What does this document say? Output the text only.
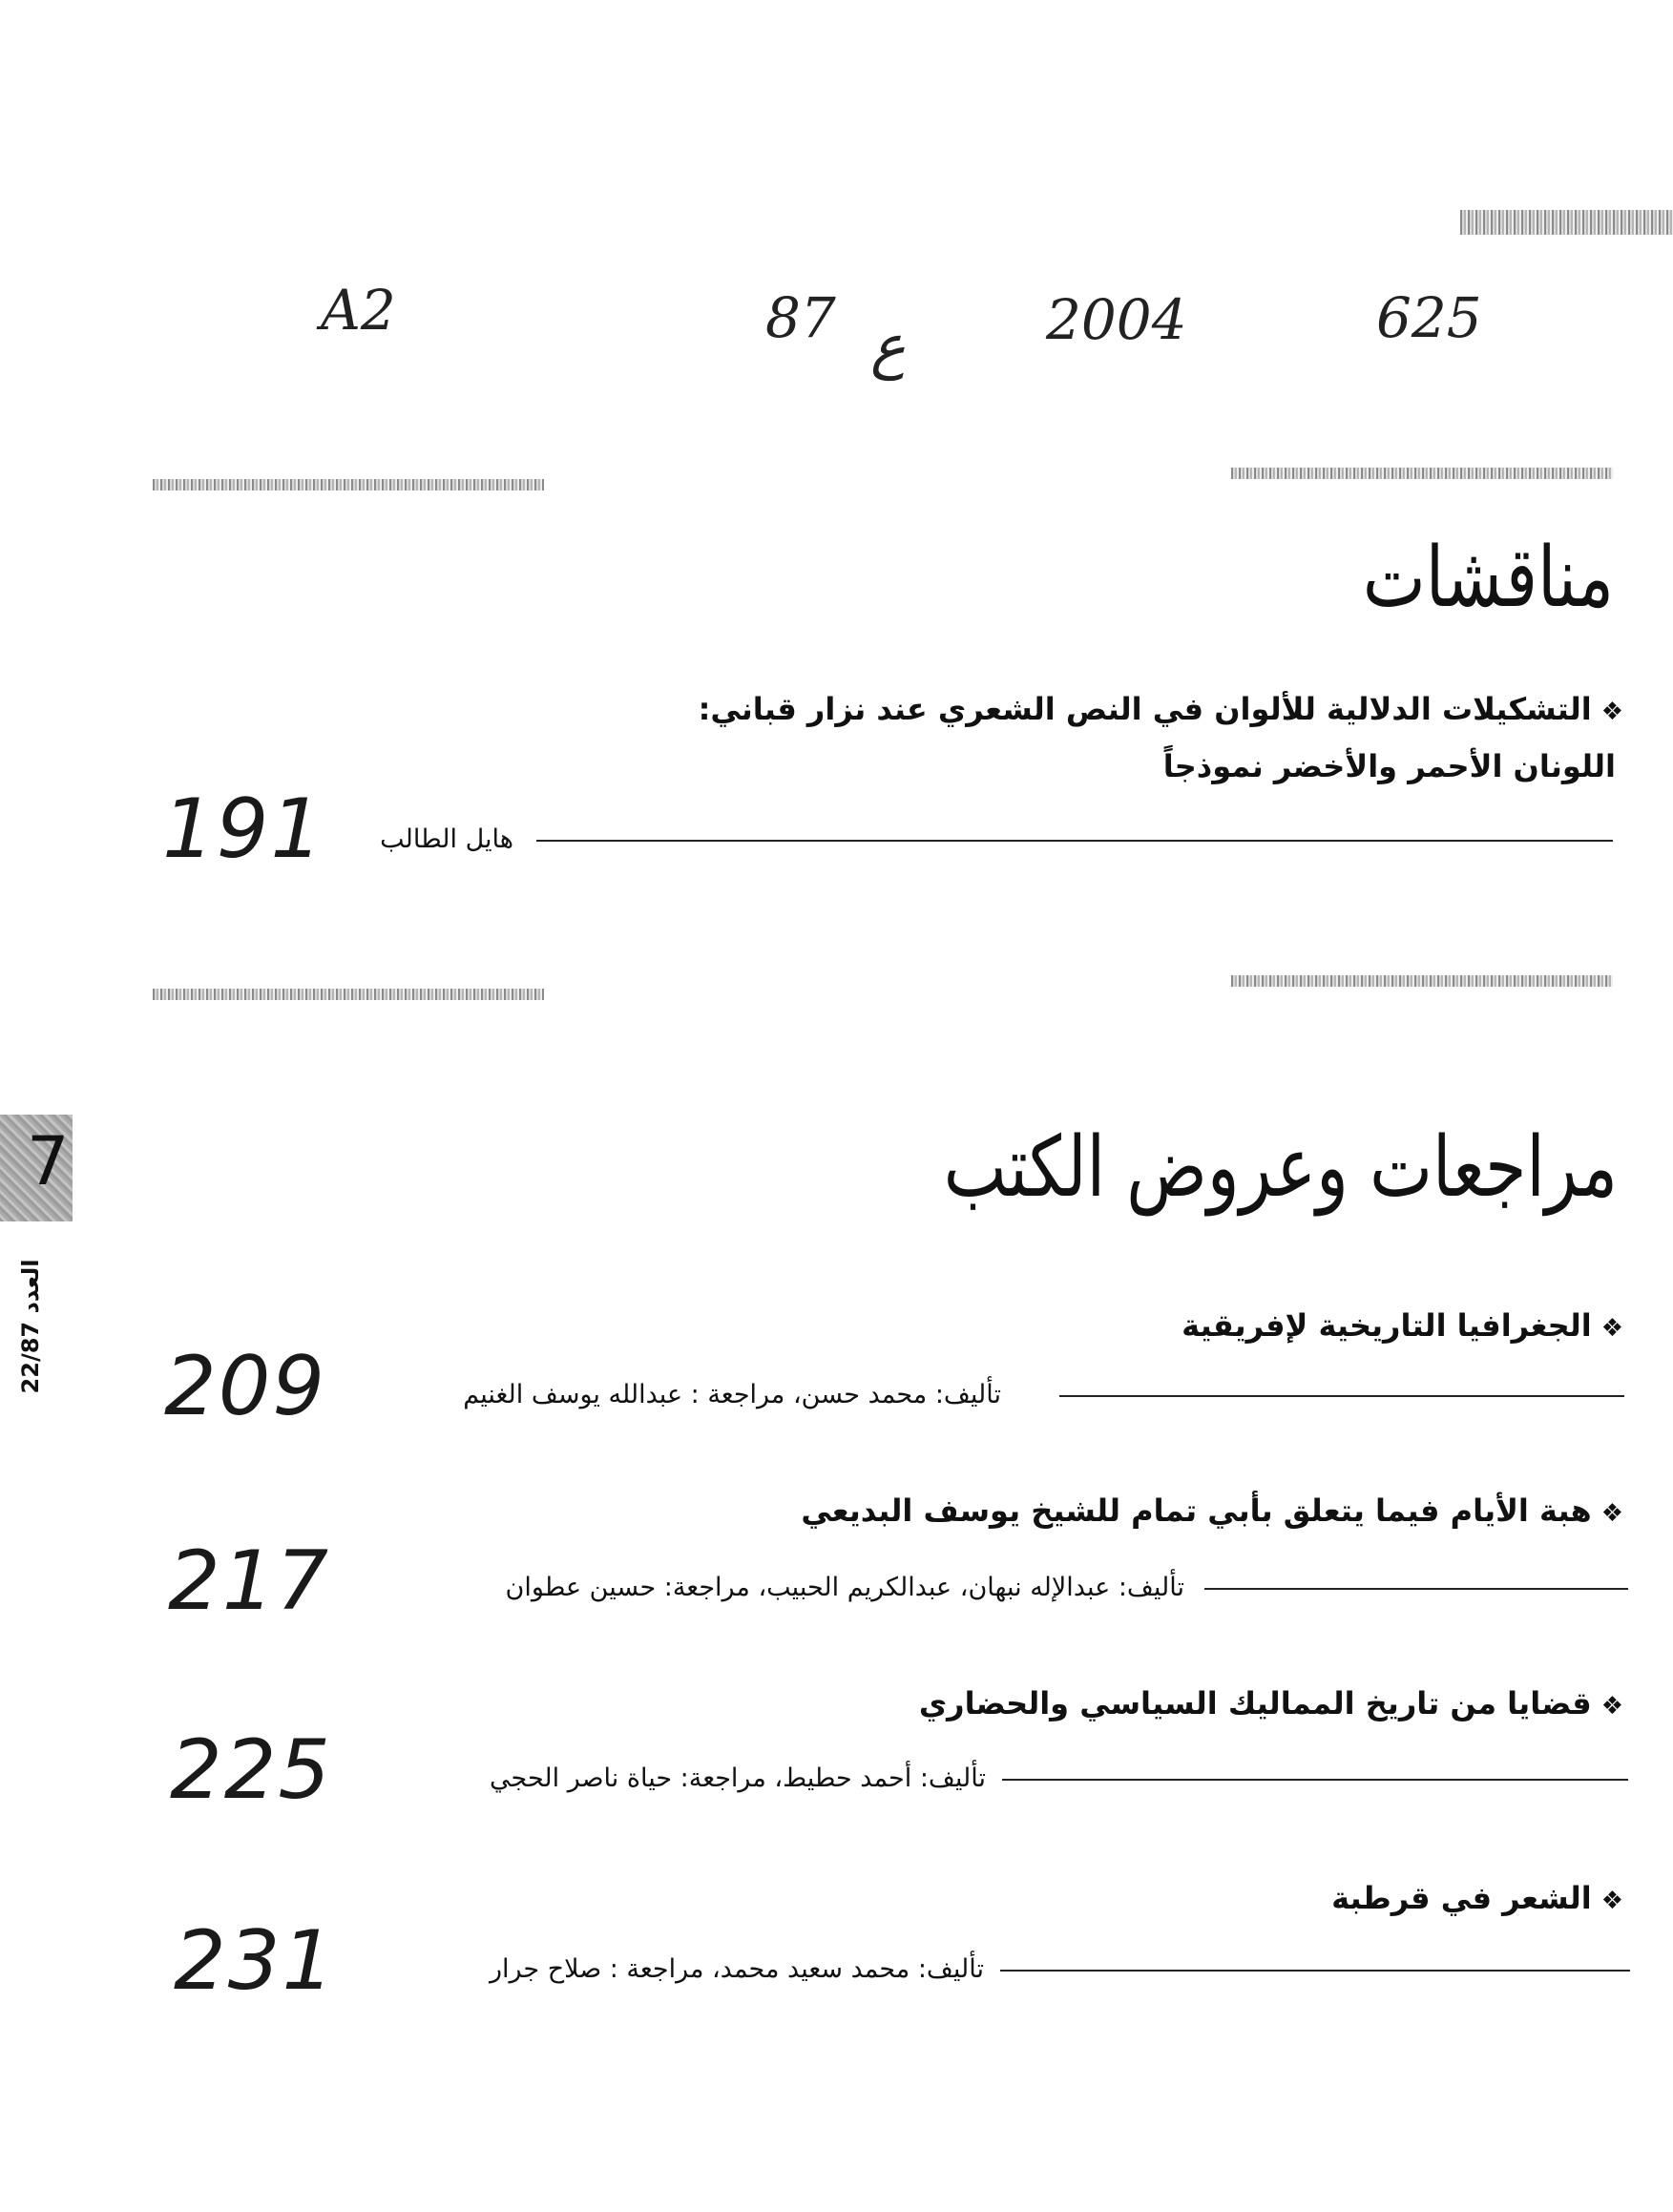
A2	87 ع	2004	625
مناقشات
❖التشكيلات الدلالية للألوان في النص الشعري عند نزار قباني:
اللونان الأحمر والأخضر نموذجاً
هايل الطالب
191
مراجعات وعروض الكتب
❖الجغرافيا التاريخية لإفريقية
تأليف: محمد حسن، مراجعة : عبدالله يوسف الغنيم
209
❖هبة الأيام فيما يتعلق بأبي تمام للشيخ يوسف البديعي
تأليف: عبدالإله نبهان، عبدالكريم الحبيب، مراجعة: حسين عطوان
217
❖قضايا من تاريخ المماليك السياسي والحضاري
تأليف: أحمد حطيط، مراجعة: حياة ناصر الحجي
225
❖الشعر في قرطبة
تأليف: محمد سعيد محمد، مراجعة : صلاح جرار
231
7
العدد 22/87
